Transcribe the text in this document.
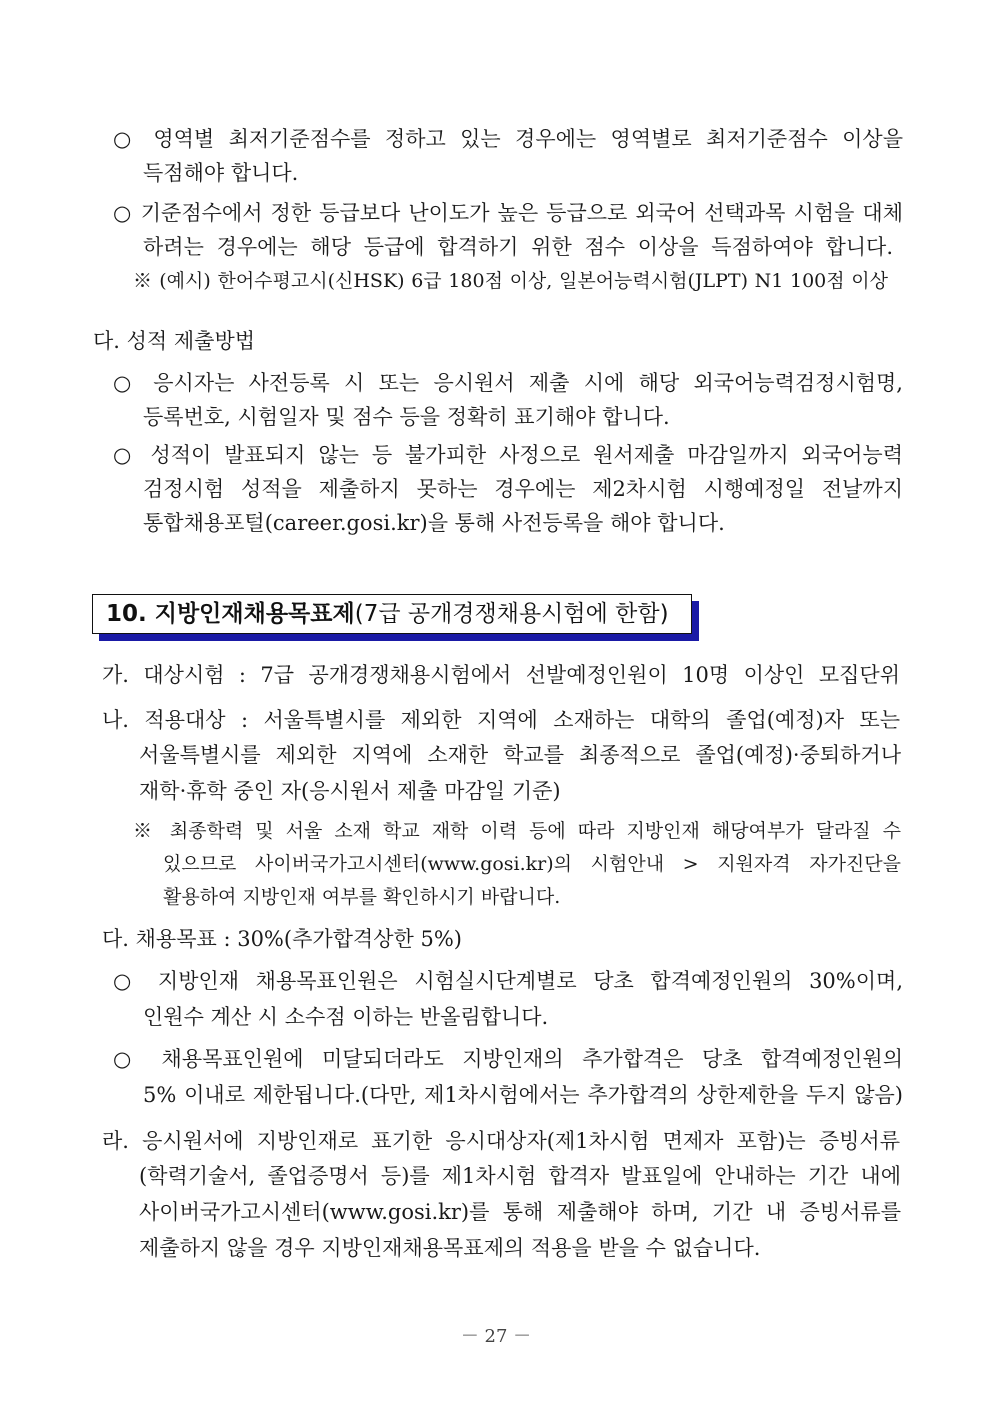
○ 영역별 최저기준점수를 정하고 있는 경우에는 영역별로 최저기준점수 이상을
득점해야 합니다.
○ 기준점수에서 정한 등급보다 난이도가 높은 등급으로 외국어 선택과목 시험을 대체
하려는 경우에는 해당 등급에 합격하기 위한 점수 이상을 득점하여야 합니다.
※ (예시) 한어수평고시(신HSK) 6급 180점 이상, 일본어능력시험(JLPT) N1 100점 이상
다. 성적 제출방법
○ 응시자는 사전등록 시 또는 응시원서 제출 시에 해당 외국어능력검정시험명,
등록번호, 시험일자 및 점수 등을 정확히 표기해야 합니다.
○ 성적이 발표되지 않는 등 불가피한 사정으로 원서제출 마감일까지 외국어능력
검정시험 성적을 제출하지 못하는 경우에는 제2차시험 시행예정일 전날까지
통합채용포털(career.gosi.kr)을 통해 사전등록을 해야 합니다.
10. 지방인재채용목표제(7급 공개경쟁채용시험에 한함)
가. 대상시험 : 7급 공개경쟁채용시험에서 선발예정인원이 10명 이상인 모집단위
나. 적용대상 : 서울특별시를 제외한 지역에 소재하는 대학의 졸업(예정)자 또는
서울특별시를 제외한 지역에 소재한 학교를 최종적으로 졸업(예정)·중퇴하거나
재학·휴학 중인 자(응시원서 제출 마감일 기준)
※ 최종학력 및 서울 소재 학교 재학 이력 등에 따라 지방인재 해당여부가 달라질 수
있으므로 사이버국가고시센터(www.gosi.kr)의 시험안내 > 지원자격 자가진단을
활용하여 지방인재 여부를 확인하시기 바랍니다.
다. 채용목표 : 30%(추가합격상한 5%)
○ 지방인재 채용목표인원은 시험실시단계별로 당초 합격예정인원의 30%이며,
인원수 계산 시 소수점 이하는 반올림합니다.
○ 채용목표인원에 미달되더라도 지방인재의 추가합격은 당초 합격예정인원의
5% 이내로 제한됩니다.(다만, 제1차시험에서는 추가합격의 상한제한을 두지 않음)
라. 응시원서에 지방인재로 표기한 응시대상자(제1차시험 면제자 포함)는 증빙서류
(학력기술서, 졸업증명서 등)를 제1차시험 합격자 발표일에 안내하는 기간 내에
사이버국가고시센터(www.gosi.kr)를 통해 제출해야 하며, 기간 내 증빙서류를
제출하지 않을 경우 지방인재채용목표제의 적용을 받을 수 없습니다.
－ 27 －
